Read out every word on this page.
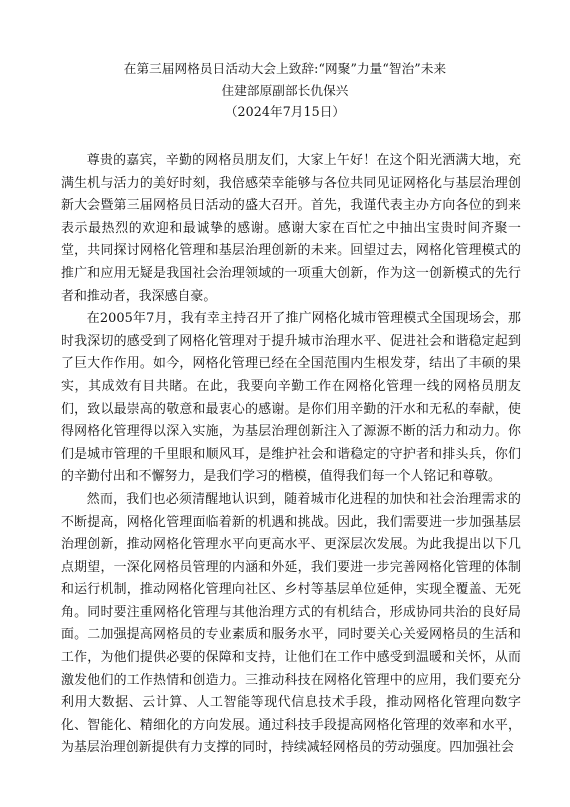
在第三届网格员日活动大会上致辞:“网聚”力量“智治”未来
住建部原副部长仇保兴
（2024年7月15日）

尊贵的嘉宾，辛勤的网格员朋友们，大家上午好！在这个阳光洒满大地，充满生机与活力的美好时刻，我倍感荣幸能够与各位共同见证网格化与基层治理创新大会暨第三届网格员日活动的盛大召开。首先，我谨代表主办方向各位的到来表示最热烈的欢迎和最诚挚的感谢。感谢大家在百忙之中抽出宝贵时间齐聚一堂，共同探讨网格化管理和基层治理创新的未来。回望过去，网格化管理模式的推广和应用无疑是我国社会治理领域的一项重大创新，作为这一创新模式的先行者和推动者，我深感自豪。

在2005年7月，我有幸主持召开了推广网格化城市管理模式全国现场会，那时我深切的感受到了网格化管理对于提升城市治理水平、促进社会和谐稳定起到了巨大作作用。如今，网格化管理已经在全国范围内生根发芽，结出了丰硕的果实，其成效有目共睹。在此，我要向辛勤工作在网格化管理一线的网格员朋友们，致以最崇高的敬意和最衷心的感谢。是你们用辛勤的汗水和无私的奉献，使得网格化管理得以深入实施，为基层治理创新注入了源源不断的活力和动力。你们是城市管理的千里眼和顺风耳，是维护社会和谐稳定的守护者和排头兵，你们的辛勤付出和不懈努力，是我们学习的楷模，值得我们每一个人铭记和尊敬。

然而，我们也必须清醒地认识到，随着城市化进程的加快和社会治理需求的不断提高，网格化管理面临着新的机遇和挑战。因此，我们需要进一步加强基层治理创新，推动网格化管理水平向更高水平、更深层次发展。为此我提出以下几点期望，一深化网格员管理的内涵和外延，我们要进一步完善网格化管理的体制和运行机制，推动网格化管理向社区、乡村等基层单位延伸，实现全覆盖、无死角。同时要注重网格化管理与其他治理方式的有机结合，形成协同共治的良好局面。二加强提高网格员的专业素质和服务水平，同时要关心关爱网格员的生活和工作，为他们提供必要的保障和支持，让他们在工作中感受到温暖和关怀，从而激发他们的工作热情和创造力。三推动科技在网格化管理中的应用，我们要充分利用大数据、云计算、人工智能等现代信息技术手段，推动网格化管理向数字化、智能化、精细化的方向发展。通过科技手段提高网格化管理的效率和水平，为基层治理创新提供有力支撑的同时，持续减轻网格员的劳动强度。四加强社会
